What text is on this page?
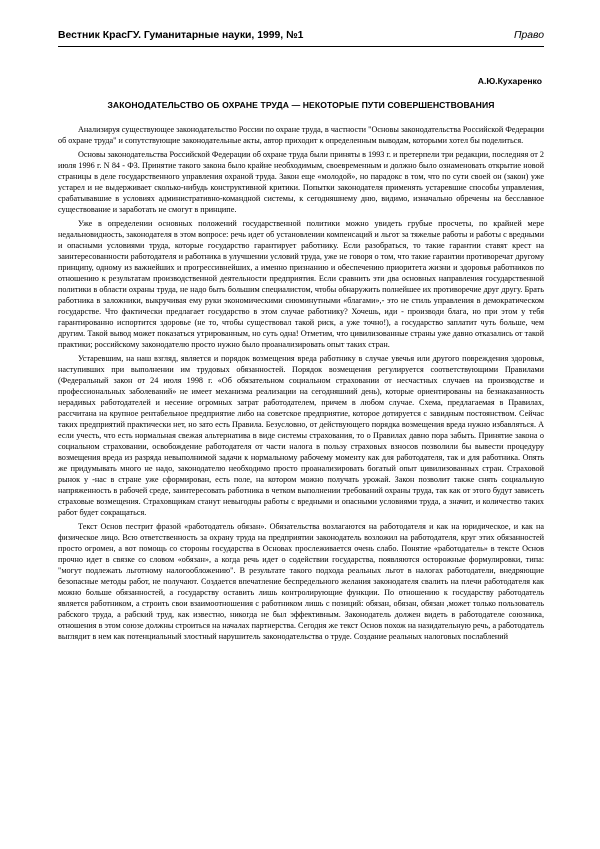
Вестник КрасГУ. Гуманитарные науки, 1999, №1	Право
А.Ю.Кухаренко
ЗАКОНОДАТЕЛЬСТВО ОБ ОХРАНЕ ТРУДА — НЕКОТОРЫЕ ПУТИ СОВЕРШЕНСТВОВАНИЯ

Анализируя существующее законодательство России по охране труда, в частности "Основы законодательства Российской Федерации об охране труда" и сопутствующие законодательные акты, автор приходит к определенным выводам, которыми хотел бы поделиться.

Основы законодательства Российской Федерации об охране труда были приняты в 1993 г. и претерпели три редакции, последняя от 2 июля 1996 г. N 84 - ФЗ. Принятие такого закона было крайне необходимым, своевременным и должно было ознаменовать открытие новой страницы в деле государственного управления охраной труда. Закон еще «молодой», но парадокс в том, что по сути своей он (закон) уже устарел и не выдерживает сколько-нибудь конструктивной критики. Попытки законодателя применять устаревшие способы управления, срабатывавшие в условиях административно-командной системы, к сегодняшнему дню, видимо, изначально обречены на бесславное существование и заработать не смогут в принципе.

Уже в определении основных положений государственной политики можно увидеть грубые просчеты, по крайней мере недальновидность, законодателя в этом вопросе: речь идет об установлении компенсаций и льгот за тяжелые работы и работы с вредными и опасными условиями труда, которые государство гарантирует работнику. Если разобраться, то такие гарантии ставят крест на заинтересованности работодателя и работника в улучшении условий труда, уже не говоря о том, что такие гарантии противоречат другому принципу, одному из важнейших и прогрессивнейших, а именно признанию и обеспечению приоритета жизни и здоровья работников по отношению к результатам производственной деятельности предприятия. Если сравнить эти два основных направления государственной политики в области охраны труда, не надо быть большим специалистом, чтобы обнаружить полнейшее их противоречие друг другу. Брать работника в заложники, выкручивая ему руки экономическими сиюминутными «благами»,- это не стиль управления в демократическом государстве. Что фактически предлагает государство в этом случае работнику? Хочешь, иди - производи блага, но при этом у тебя гарантированно испортится здоровье (не то, чтобы существовал такой риск, а уже точно!), а государство заплатит чуть больше, чем другим. Такой вывод может показаться утрированным, но суть одна! Отметим, что цивилизованные страны уже давно отказались от такой практики; российскому законодателю просто нужно было проанализировать опыт таких стран.

Устаревшим, на наш взгляд, является и порядок возмещения вреда работнику в случае увечья или другого повреждения здоровья, наступивших при выполнении им трудовых обязанностей. Порядок возмещения регулируется соответствующими Правилами (Федеральный закон от 24 июля 1998 г. «Об обязательном социальном страховании от несчастных случаев на производстве и профессиональных заболеваний» не имеет механизма реализации на сегодняшний день), которые ориентированы на безнаказанность нерадивых работодателей и несение огромных затрат работодателем, причем в любом случае. Схема, предлагаемая в Правилах, рассчитана на крупное рентабельное предприятие либо на советское предприятие, которое дотируется с завидным постоянством. Сейчас таких предприятий практически нет, но зато есть Правила. Безусловно, от действующего порядка возмещения вреда нужно избавляться. А если учесть, что есть нормальная свежая альтернатива в виде системы страхования, то о Правилах давно пора забыть. Принятие закона о социальном страховании, освобождение работодателя от части налога в пользу страховых взносов позволили бы вывести процедуру возмещения вреда из разряда невыполнимой задачи к нормальному рабочему моменту как для работодателя, так и для работника. Опять же придумывать много не надо, законодателю необходимо просто проанализировать богатый опыт цивилизованных стран. Страховой рынок у -нас в стране уже сформирован, есть поле, на котором можно получать урожай. Закон позволит также снять социальную напряженность в рабочей среде, заинтересовать работника в четком выполнении требований охраны труда, так как от этого будут зависеть страховые возмещения. Страховщикам станут невыгодны работы с вредными и опасными условиями труда, а значит, и количество таких работ будет сокращаться.

Текст Основ пестрит фразой «работодатель обязан». Обязательства возлагаются на работодателя и как на юридическое, и как на физическое лицо. Всю ответственность за охрану труда на предприятии законодатель возложил на работодателя, круг этих обязанностей просто огромен, а вот помощь со стороны государства в Основах прослеживается очень слабо. Понятие «работодатель» в тексте Основ прочно идет в связке со словом «обязан», а когда речь идет о содействии государства, появляются осторожные формулировки, типа: "могут подлежать льготному налогообложению". В результате такого подхода реальных льгот в налогах работодатели, внедряющие безопасные методы работ, не получают. Создается впечатление беспредельного желания законодателя свалить на плечи работодателя как можно больше обязанностей, а государству оставить лишь контролирующие функции. По отношению к государству работодатель является работником, а строить свои взаимоотношения с работником лишь с позиций: обязан, обязан, обязан ,может только пользователь рабского труда, а рабский труд, как известно, никогда не был эффективным. Законодатель должен видеть в работодателе союзника, отношения в этом союзе должны строиться на началах партнерства. Сегодня же текст Основ похож на назидательную речь, а работодатель выглядит в нем как потенциальный злостный нарушитель законодательства о труде. Создание реальных налоговых послаблений
